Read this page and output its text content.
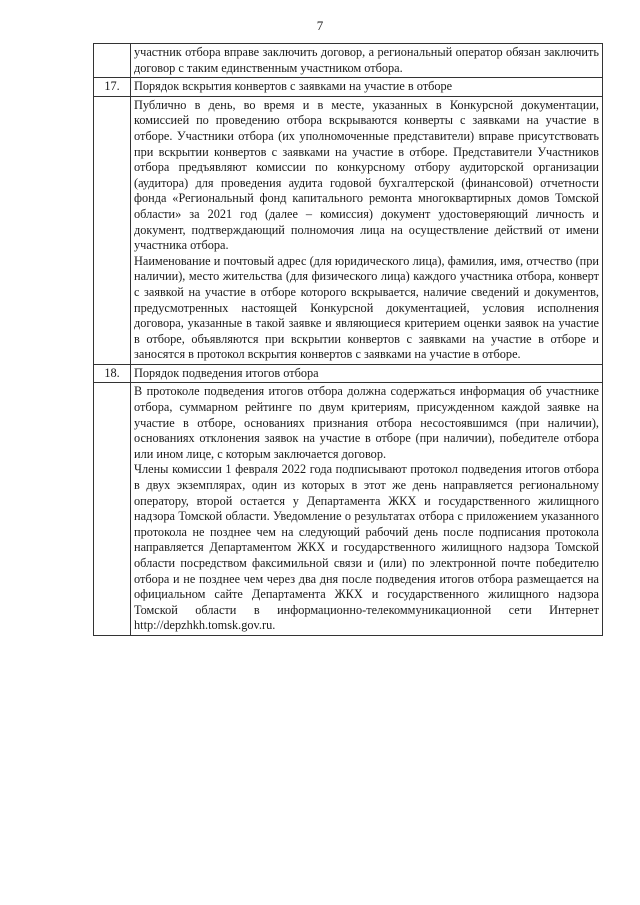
7

	участник отбора вправе заключить договор, а региональный оператор обязан заключить договор с таким единственным участником отбора.

17.	Порядок вскрытия конвертов с заявками на участие в отборе

	Публично в день, во время и в месте, указанных в Конкурсной документации, комиссией по проведению отбора вскрываются конверты с заявками на участие в отборе. Участники отбора (их уполномоченные представители) вправе присутствовать при вскрытии конвертов с заявками на участие в отборе. Представители Участников отбора предъявляют комиссии по конкурсному отбору аудиторской организации (аудитора) для проведения аудита годовой бухгалтерской (финансовой) отчетности фонда «Региональный фонд капитального ремонта многоквартирных домов Томской области» за 2021 год (далее – комиссия) документ удостоверяющий личность и документ, подтверждающий полномочия лица на осуществление действий от имени участника отбора.

Наименование и почтовый адрес (для юридического лица), фамилия, имя, отчество (при наличии), место жительства (для физического лица) каждого участника отбора, конверт с заявкой на участие в отборе которого вскрывается, наличие сведений и документов, предусмотренных настоящей Конкурсной документацией, условия исполнения договора, указанные в такой заявке и являющиеся критерием оценки заявок на участие в отборе, объявляются при вскрытии конвертов с заявками на участие в отборе и заносятся в протокол вскрытия конвертов с заявками на участие в отборе.

18.	Порядок подведения итогов отбора

	В протоколе подведения итогов отбора должна содержаться информация об участнике отбора, суммарном рейтинге по двум критериям, присужденном каждой заявке на участие в отборе, основаниях признания отбора несостоявшимся (при наличии), основаниях отклонения заявок на участие в отборе (при наличии), победителе отбора или ином лице, с которым заключается договор.

Члены комиссии 1 февраля 2022 года подписывают протокол подведения итогов отбора в двух экземплярах, один из которых в этот же день направляется региональному оператору, второй остается у Департамента ЖКХ и государственного жилищного надзора Томской области. Уведомление о результатах отбора с приложением указанного протокола не позднее чем на следующий рабочий день после подписания протокола направляется Департаментом ЖКХ и государственного жилищного надзора Томской области посредством факсимильной связи и (или) по электронной почте победителю отбора и не позднее чем через два дня после подведения итогов отбора размещается на официальном сайте Департамента ЖКХ и государственного жилищного надзора Томской области в информационно-телекоммуникационной сети Интернет http://depzhkh.tomsk.gov.ru.
